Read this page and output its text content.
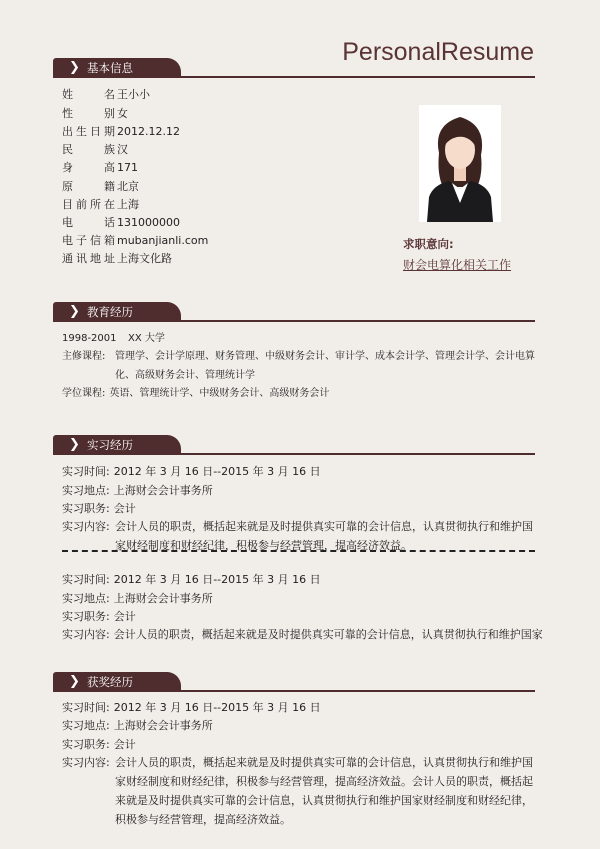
PersonalResume
❯ 基本信息
姓名 王小小
性别 女
出生日期 2012.12.12
民族 汉
身高 171
原籍 北京
目前所在 上海
电话 131000000
电子信箱 mubanjianli.com
通讯地址 上海文化路
求职意向:
财会电算化相关工作
❯ 教育经历
1998-2001 XX 大学
主修课程: 管理学、会计学原理、财务管理、中级财务会计、审计学、成本会计学、管理会计学、会计电算化、高级财务会计、管理统计学
学位课程: 英语、管理统计学、中级财务会计、高级财务会计
❯ 实习经历
实习时间: 2012 年 3 月 16 日--2015 年 3 月 16 日
实习地点: 上海财会会计事务所
实习职务: 会计
实习内容: 会计人员的职责，概括起来就是及时提供真实可靠的会计信息，认真贯彻执行和维护国家财经制度和财经纪律，积极参与经营管理，提高经济效益。
实习时间: 2012 年 3 月 16 日--2015 年 3 月 16 日
实习地点: 上海财会会计事务所
实习职务: 会计
实习内容: 会计人员的职责，概括起来就是及时提供真实可靠的会计信息，认真贯彻执行和维护国家
❯ 获奖经历
实习时间: 2012 年 3 月 16 日--2015 年 3 月 16 日
实习地点: 上海财会会计事务所
实习职务: 会计
实习内容: 会计人员的职责，概括起来就是及时提供真实可靠的会计信息，认真贯彻执行和维护国家财经制度和财经纪律，积极参与经营管理，提高经济效益。会计人员的职责，概括起来就是及时提供真实可靠的会计信息，认真贯彻执行和维护国家财经制度和财经纪律，积极参与经营管理，提高经济效益。
